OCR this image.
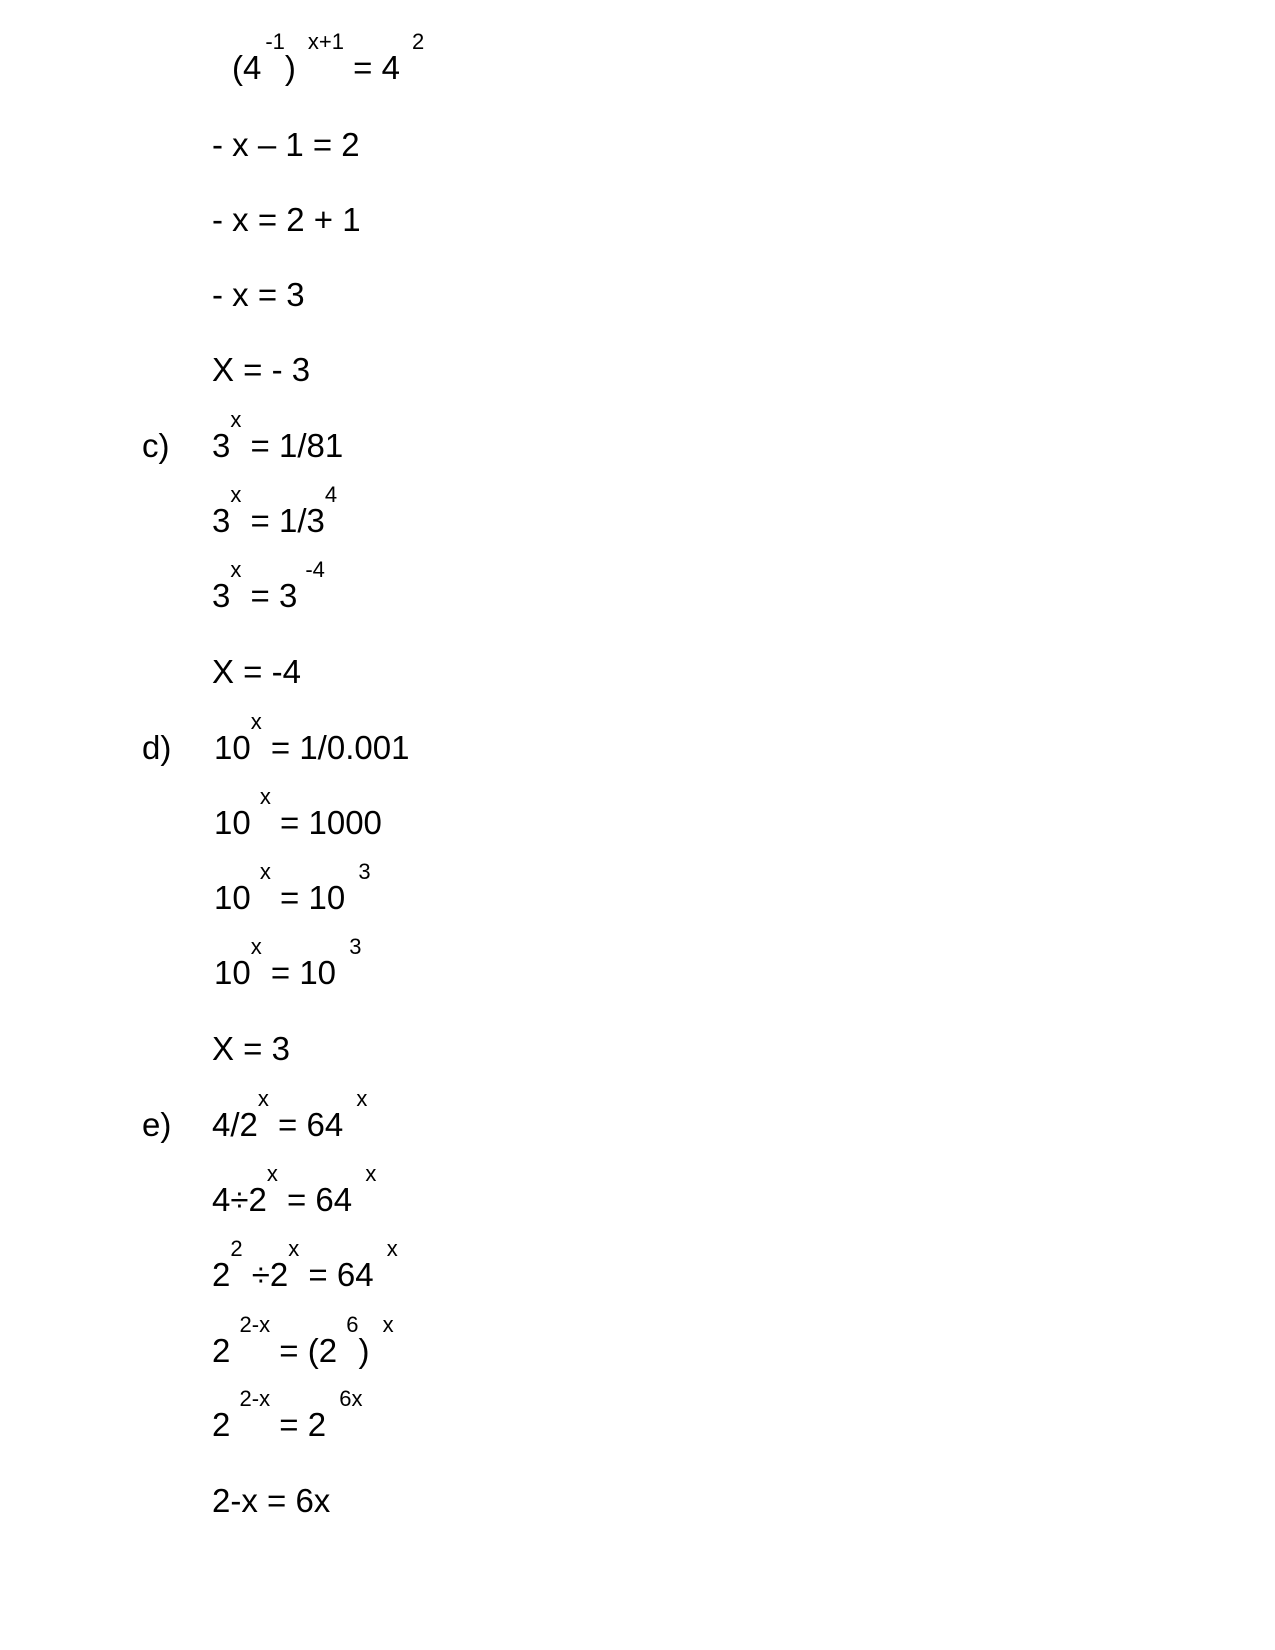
$(4^{-1})^{x+1} = 4^2$
- x – 1 = 2
- x = 2 + 1
- x = 3
X = - 3
c) $3^x = 1/81$
$3^x = 1/3^4$
$3^x = 3^{-4}$
X = -4
d) $10^x = 1/0.001$
10 $^x$ = 1000
10 $^x$ = 10 $^3$
$10^x = 10$ $^3$
X = 3
e) $4/2^x = 64$ $^x$
$4\div 2^x = 64$ $^x$
$2^2 \div 2^x = 64$ $^x$
2 $^{2-x}$ = (2 $^6$) $^x$
2 $^{2-x}$ = 2 $^{6x}$
2-x = 6x
